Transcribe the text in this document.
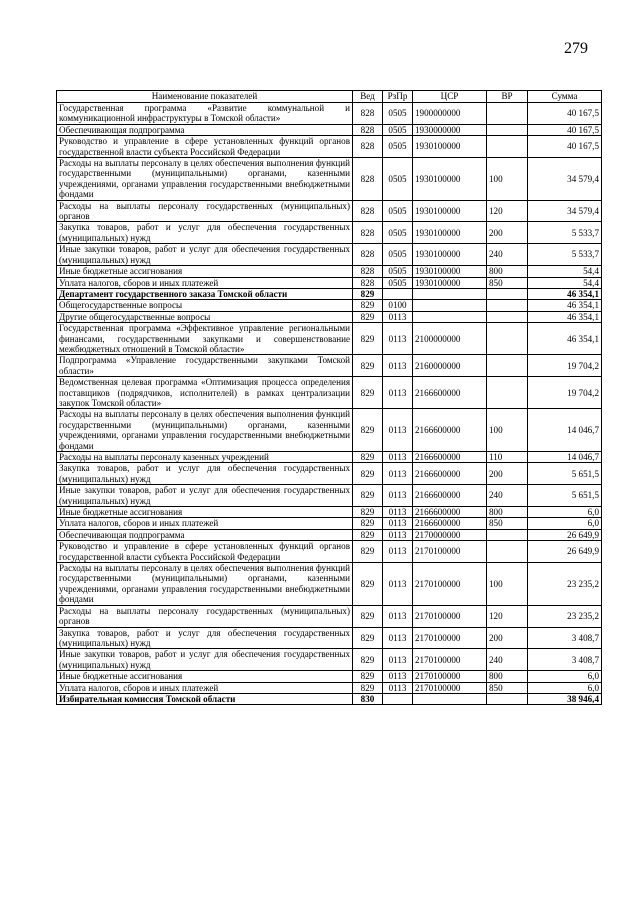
279
Наименование показателей	Вед	РзПр	ЦСР	ВР	Сумма
Государственная программа «Развитие коммунальной и коммуникационной инфраструктуры в Томской области»	828	0505	1900000000		40 167,5
Обеспечивающая подпрограмма	828	0505	1930000000		40 167,5
Руководство и управление в сфере установленных функций органов государственной власти субъекта Российской Федерации	828	0505	1930100000		40 167,5
Расходы на выплаты персоналу в целях обеспечения выполнения функций государственными (муниципальными) органами, казенными учреждениями, органами управления государственными внебюджетными фондами	828	0505	1930100000	100	34 579,4
Расходы на выплаты персоналу государственных (муниципальных) органов	828	0505	1930100000	120	34 579,4
Закупка товаров, работ и услуг для обеспечения государственных (муниципальных) нужд	828	0505	1930100000	200	5 533,7
Иные закупки товаров, работ и услуг для обеспечения государственных (муниципальных) нужд	828	0505	1930100000	240	5 533,7
Иные бюджетные ассигнования	828	0505	1930100000	800	54,4
Уплата налогов, сборов и иных платежей	828	0505	1930100000	850	54,4
Департамент государственного заказа Томской области	829				46 354,1
Общегосударственные вопросы	829	0100			46 354,1
Другие общегосударственные вопросы	829	0113			46 354,1
Государственная программа «Эффективное управление региональными финансами, государственными закупками и совершенствование межбюджетных отношений в Томской области»	829	0113	2100000000		46 354,1
Подпрограмма «Управление государственными закупками Томской области»	829	0113	2160000000		19 704,2
Ведомственная целевая программа «Оптимизация процесса определения поставщиков (подрядчиков, исполнителей) в рамках централизации закупок Томской области»	829	0113	2166600000		19 704,2
Расходы на выплаты персоналу в целях обеспечения выполнения функций государственными (муниципальными) органами, казенными учреждениями, органами управления государственными внебюджетными фондами	829	0113	2166600000	100	14 046,7
Расходы на выплаты персоналу казенных учреждений	829	0113	2166600000	110	14 046,7
Закупка товаров, работ и услуг для обеспечения государственных (муниципальных) нужд	829	0113	2166600000	200	5 651,5
Иные закупки товаров, работ и услуг для обеспечения государственных (муниципальных) нужд	829	0113	2166600000	240	5 651,5
Иные бюджетные ассигнования	829	0113	2166600000	800	6,0
Уплата налогов, сборов и иных платежей	829	0113	2166600000	850	6,0
Обеспечивающая подпрограмма	829	0113	2170000000		26 649,9
Руководство и управление в сфере установленных функций органов государственной власти субъекта Российской Федерации	829	0113	2170100000		26 649,9
Расходы на выплаты персоналу в целях обеспечения выполнения функций государственными (муниципальными) органами, казенными учреждениями, органами управления государственными внебюджетными фондами	829	0113	2170100000	100	23 235,2
Расходы на выплаты персоналу государственных (муниципальных) органов	829	0113	2170100000	120	23 235,2
Закупка товаров, работ и услуг для обеспечения государственных (муниципальных) нужд	829	0113	2170100000	200	3 408,7
Иные закупки товаров, работ и услуг для обеспечения государственных (муниципальных) нужд	829	0113	2170100000	240	3 408,7
Иные бюджетные ассигнования	829	0113	2170100000	800	6,0
Уплата налогов, сборов и иных платежей	829	0113	2170100000	850	6,0
Избирательная комиссия Томской области	830				38 946,4
